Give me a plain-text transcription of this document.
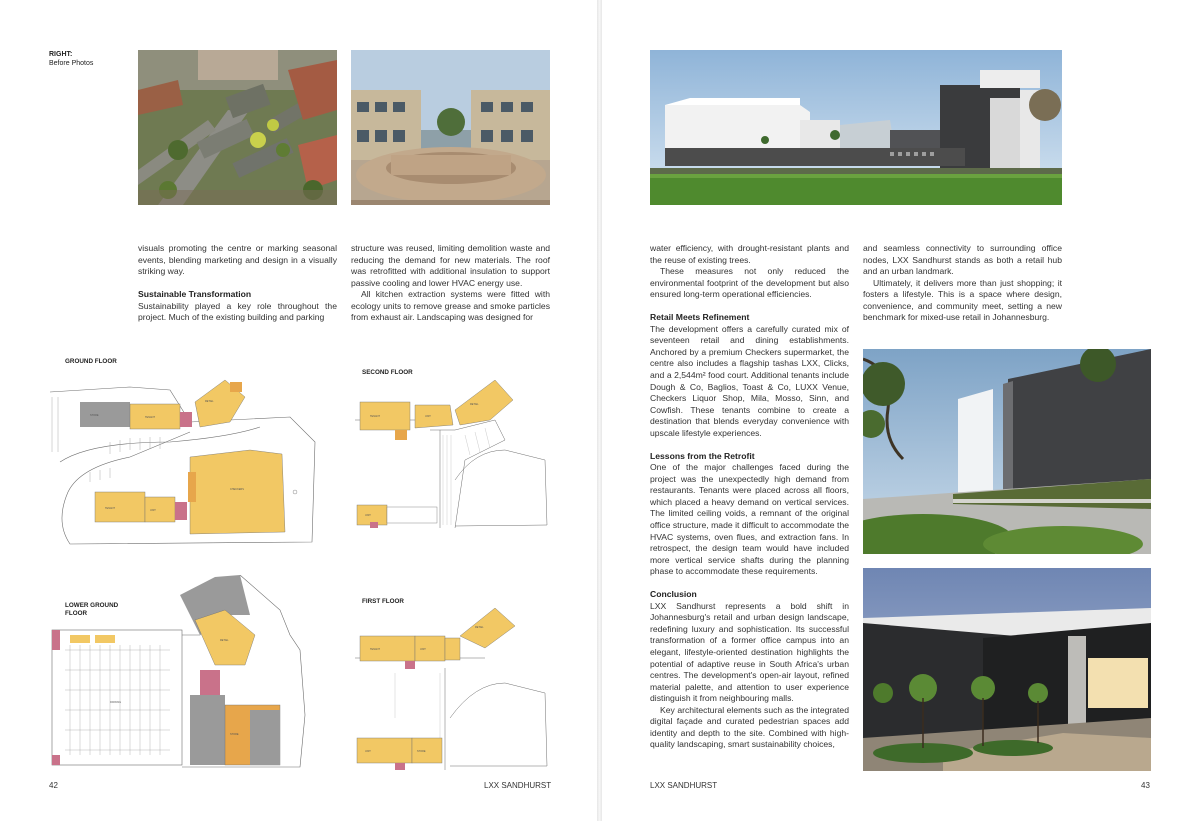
RIGHT:
Before Photos

visuals promoting the centre or marking seasonal events, blending marketing and design in a visually striking way.

Sustainable Transformation

Sustainability played a key role throughout the project. Much of the existing building and parking

structure was reused, limiting demolition waste and reducing the demand for new materials. The roof was retrofitted with additional insulation to support passive cooling and lower HVAC energy use.

All kitchen extraction systems were fitted with ecology units to remove grease and smoke particles from exhaust air. Landscaping was designed for

GROUND FLOOR
SECOND FLOOR
LOWER GROUND
FLOOR
FIRST FLOOR
STORE
TENANT
CHECKERS
TENANT
UNIT
RETAIL
TENANT	UNIT
RETAIL
UNIT
PARKING
RETAIL
STORE
TENANT	UNIT
RETAIL
UNIT	STORE
42	LXX SANDHURST

water efficiency, with drought-resistant plants and the reuse of existing trees.

These measures not only reduced the environmental footprint of the development but also ensured long-term operational efficiencies.

Retail Meets Refinement

The development offers a carefully curated mix of seventeen retail and dining establishments. Anchored by a premium Checkers supermarket, the centre also includes a flagship tashas LXX, Clicks, and a 2,544m² food court. Additional tenants include Dough & Co, Baglios, Toast & Co, LUXX Venue, Checkers Liquor Shop, Mila, Mosso, Sinn, and Cowfish. These tenants combine to create a destination that blends everyday convenience with upscale lifestyle experiences.

Lessons from the Retrofit

One of the major challenges faced during the project was the unexpectedly high demand from restaurants. Tenants were placed across all floors, which placed a heavy demand on vertical services. The limited ceiling voids, a remnant of the original office structure, made it difficult to accommodate the HVAC systems, oven flues, and extraction fans. In retrospect, the design team would have included more vertical service shafts during the planning phase to accommodate these requirements.

Conclusion

LXX Sandhurst represents a bold shift in Johannesburg's retail and urban design landscape, redefining luxury and sophistication. Its successful transformation of a former office campus into an elegant, lifestyle-oriented destination highlights the potential of adaptive reuse in South Africa's urban centres. The development's open-air layout, refined material palette, and attention to user experience distinguish it from neighbouring malls.

Key architectural elements such as the integrated digital façade and curated pedestrian spaces add identity and depth to the site. Combined with high-quality landscaping, smart sustainability choices,

and seamless connectivity to surrounding office nodes, LXX Sandhurst stands as both a retail hub and an urban landmark.

Ultimately, it delivers more than just shopping; it fosters a lifestyle. This is a space where design, convenience, and community meet, setting a new benchmark for mixed-use retail in Johannesburg.

LXX SANDHURST	43
